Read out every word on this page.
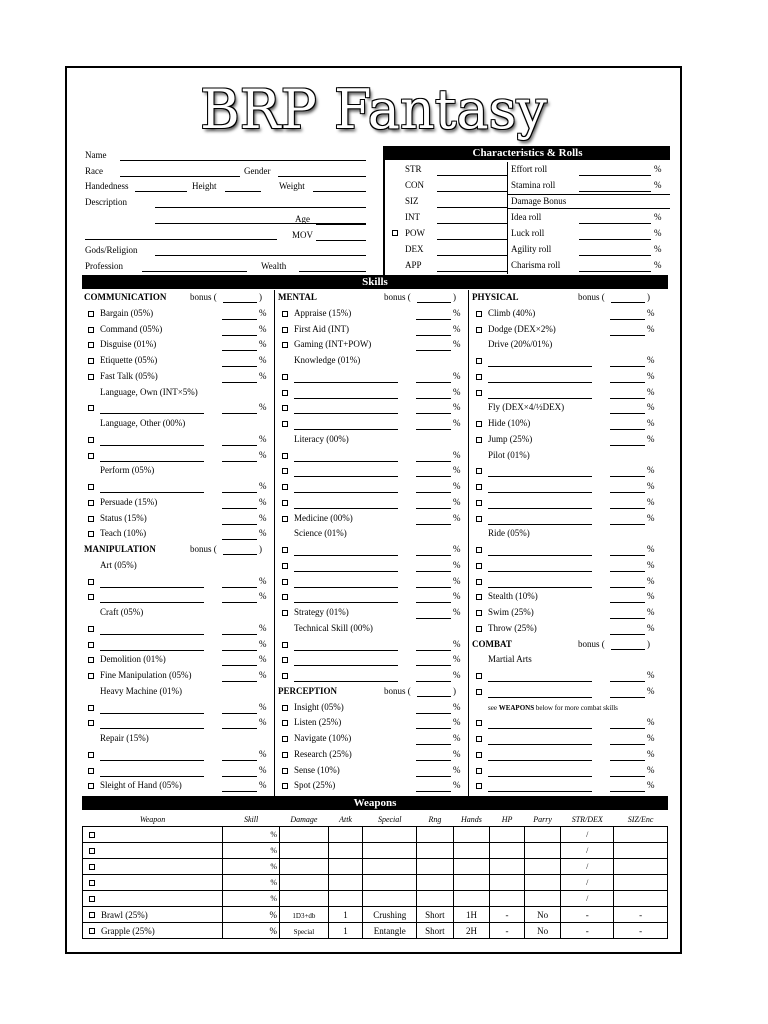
BRP Fantasy
Name
Race	Gender
Handedness	Height	Weight
Description
Age
MOV
Gods/Religion
Profession	Wealth
Characteristics & Rolls
STR	Effort roll	%
CON	Stamina roll	%
SIZ	Damage Bonus
INT	Idea roll	%
POW	Luck roll	%
DEX	Agility roll	%
APP	Charisma roll	%
Skills
COMMUNICATION	bonus (	)
Bargain (05%)	%
Command (05%)	%
Disguise (01%)	%
Etiquette (05%)	%
Fast Talk (05%)	%
Language, Own (INT×5%)
%
Language, Other (00%)
%
%
Perform (05%)
%
Persuade (15%)	%
Status (15%)	%
Teach (10%)	%
MANIPULATION	bonus (	)
Art (05%)
%
%
Craft (05%)
%
%
Demolition (01%)	%
Fine Manipulation (05%)	%
Heavy Machine (01%)
%
%
Repair (15%)
%
%
Sleight of Hand (05%)	%
MENTAL	bonus (	)
Appraise (15%)	%
First Aid (INT)	%
Gaming (INT+POW)	%
Knowledge (01%)
%
%
%
%
Literacy (00%)
%
%
%
%
Medicine (00%)	%
Science (01%)
%
%
%
%
Strategy (01%)	%
Technical Skill (00%)
%
%
%
PERCEPTION	bonus (	)
Insight (05%)	%
Listen (25%)	%
Navigate (10%)	%
Research (25%)	%
Sense (10%)	%
Spot (25%)	%
PHYSICAL	bonus (	)
Climb (40%)	%
Dodge (DEX×2%)	%
Drive (20%/01%)
%
%
%
Fly (DEX×4/½DEX)	%
Hide (10%)	%
Jump (25%)	%
Pilot (01%)
%
%
%
%
Ride (05%)
%
%
%
Stealth (10%)	%
Swim (25%)	%
Throw (25%)	%
COMBAT	bonus (	)
Martial Arts
%
%
see WEAPONS below for more combat skills
%
%
%
%
%
Weapons
Weapon	Skill	Damage	Attk	Special	Rng	Hands	HP	Parry	STR/DEX	SIZ/Enc
	%								/	
	%								/	
	%								/	
	%								/	
	%								/	
Brawl (25%)	%	1D3+db	1	Crushing	Short	1H	-	No	-	-
Grapple (25%)	%	Special	1	Entangle	Short	2H	-	No	-	-
